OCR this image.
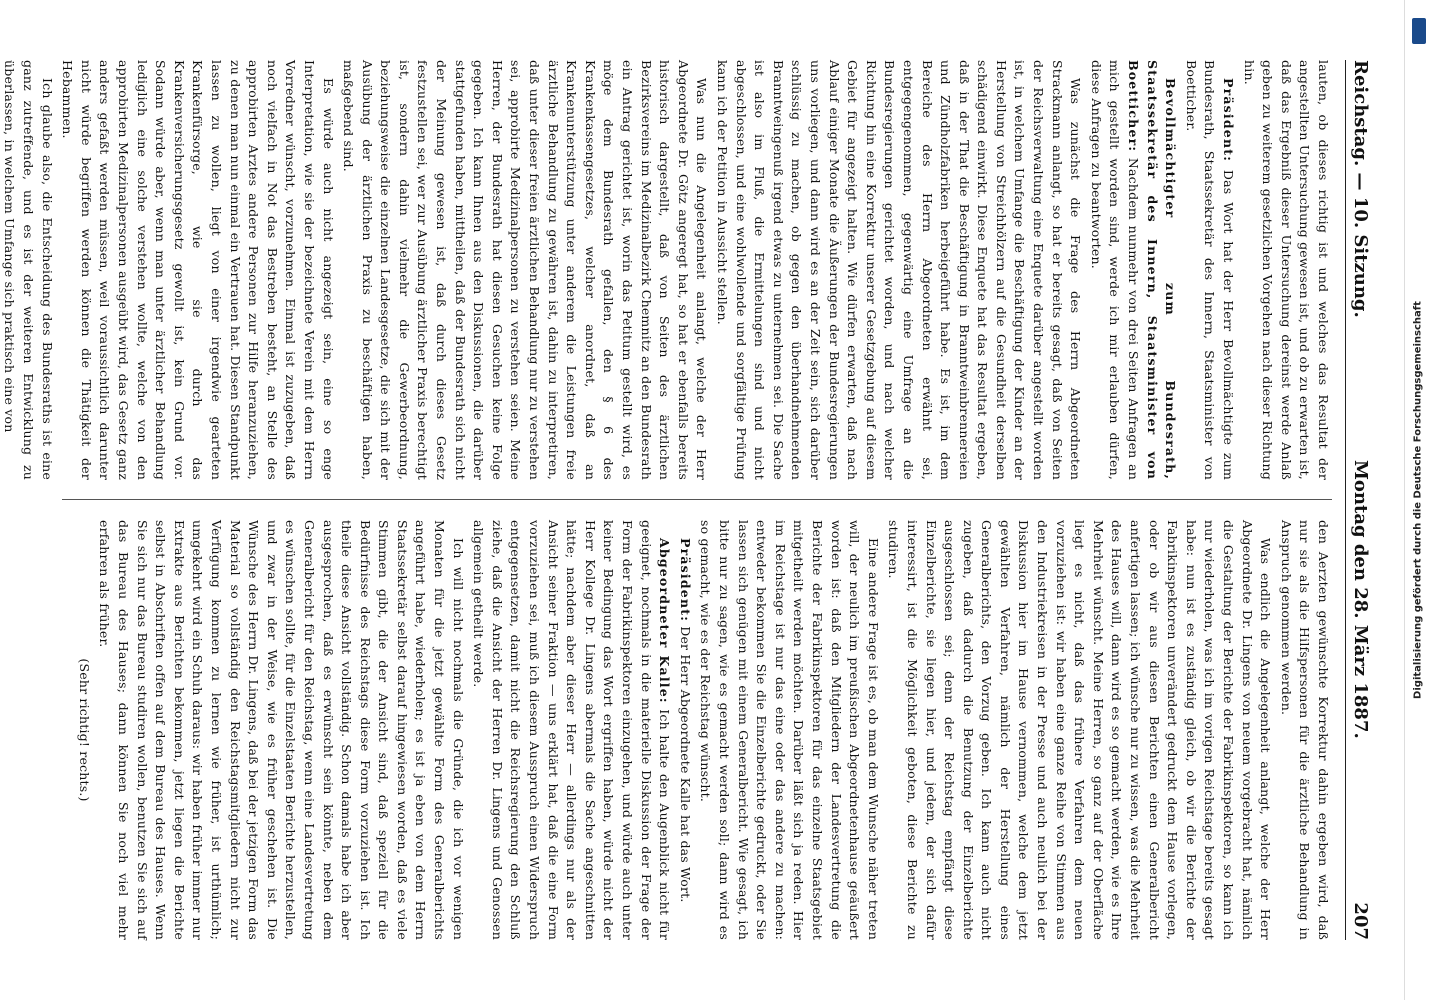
Reichstag. — 10. Sitzung.
Montag den 28. März 1887.
207

lauten, ob dieses richtig ist und welches das Resultat der angestellten Untersuchung gewesen ist, und ob zu erwarten ist, daß das Ergebniß dieser Untersuchung dereinst werde Anlaß geben zu weiterem gesetzlichen Vorgehen nach dieser Richtung hin.

Präsident: Das Wort hat der Herr Bevollmächtigte zum Bundesrath, Staatssekretär des Innern, Staatsminister von Boetticher.

Bevollmächtigter zum Bundesrath, Staatssekretär des Innern, Staatsminister von Boetticher: Nachdem nunmehr von drei Seiten Anfragen an mich gestellt worden sind, werde ich mir erlauben dürfen, diese Anfragen zu beantworten.

Was zunächst die Frage des Herrn Abgeordneten Strackmann anlangt, so hat er bereits gesagt, daß von Seiten der Reichsverwaltung eine Enquete darüber angestellt worden ist, in welchem Umfange die Beschäftigung der Kinder an der Herstellung von Streichhölzern auf die Gesundheit derselben schädigend einwirkt. Diese Enquete hat das Resultat ergeben, daß in der That die Beschäftigung in Branntweinbrennereien und Zündholzfabriken herbeigeführt habe. Es ist, im dem Bereiche des Herrn Abgeordneten erwähnt sei, entgegengenommen, gegenwärtig eine Umfrage an die Bundesregierungen gerichtet worden, und nach welcher Richtung hin eine Korrektur unserer Gesetzgebung auf diesem Gebiet für angezeigt halten. Wie dürfen erwarten, daß nach Ablauf einiger Monate die Äußerungen der Bundesregierungen uns vorliegen, und dann wird es an der Zeit sein, sich darüber schlüssig zu machen, ob gegen den überhandnehmenden Branntweingenuß irgend etwas zu unternehmen sei. Die Sache ist also im Fluß, die Ermittelungen sind und nicht abgeschlossen, und eine wohlwollende und sorgfältige Prüfung kann ich der Petition in Aussicht stellen.

Was nun die Angelegenheit anlangt, welche der Herr Abgeordnete Dr. Götz angeregt hat, so hat er ebenfalls bereits historisch dargestellt, daß von Seiten des ärztlichen Bezirksvereins im Medizinalbezirk Chemnitz an den Bundesrath ein Antrag gerichtet ist, worin das Petitum gestellt wird, es möge dem Bundesrath gefallen, den § 6 des Krankenkassengesetzes, welcher anordnet, daß an Krankenunterstützung unter anderem die Leistungen freie ärztliche Behandlung zu gewähren ist, dahin zu interpretiren, daß unter dieser freien ärztlichen Behandlung nur zu verstehen sei, approbirte Medizinalpersonen zu verstehen seien. Meine Herren, der Bundesrath hat diesen Gesuchen keine Folge gegeben. Ich kann Ihnen aus den Diskussionen, die darüber stattgefunden haben, mittheilen, daß der Bundesrath sich nicht der Meinung gewesen ist, daß durch dieses Gesetz festzustellen sei, wer zur Ausübung ärztlicher Praxis berechtigt ist, sondern dahin vielmehr die Gewerbeordnung, beziehungsweise die einzelnen Landesgesetze, die sich mit der Ausübung der ärztlichen Praxis zu beschäftigen haben, maßgebend sind.

Es würde auch nicht angezeigt sein, eine so enge Interpretation, wie sie der bezeichnete Verein mit dem Herrn Vorredner wünscht, vorzunehmen. Einmal ist zuzugeben, daß noch vielfach in Not das Bestreben besteht, an Stelle des approbirten Arztes andere Personen zur Hilfe heranzuziehen, zu denen man nun einmal ein Vertrauen hat. Diesen Standpunkt lassen zu wollen, liegt von einer irgendwie gearteten Krankenfürsorge, wie sie durch das Krankenversicherungsgesetz gewollt ist, kein Grund vor. Sodann würde aber, wenn man unter ärztlicher Behandlung lediglich eine solche verstehen wollte, welche von den approbirten Medizinalpersonen ausgeübt wird, das Gesetz ganz anders gefaßt werden müssen, weil voraussichtlich darunter nicht würde begriffen werden können die Thätigkeit der Hebammen.

Ich glaube also, die Entscheidung des Bundesraths ist eine ganz zutreffende, und es ist der weiteren Entwicklung zu überlassen, in welchem Umfange sich praktisch eine von

den Aerzten gewünschte Korrektur dahin ergeben wird, daß nur sie als die Hilfspersonen für die ärztliche Behandlung in Anspruch genommen werden.

Was endlich die Angelegenheit anlangt, welche der Herr Abgeordnete Dr. Lingens von neuem vorgebracht hat, nämlich die Gestaltung der Berichte der Fabrikinspektoren, so kann ich nur wiederholen, was ich im vorigen Reichstage bereits gesagt habe: nun ist es zuständig gleich, ob wir die Berichte der Fabrikinspektoren unverändert gedruckt dem Hause vorlegen, oder ob wir aus diesen Berichten einen Generalbericht anfertigen lassen; ich wünsche nur zu wissen, was die Mehrheit des Hauses will, dann wird es so gemacht werden, wie es Ihre Mehrheit wünscht. Meine Herren, so ganz auf der Oberfläche liegt es nicht, daß das frühere Verfahren dem neuen vorzuziehen ist: wir haben eine ganze Reihe von Stimmen aus den Industriekreisen in der Presse und auch neulich bei der Diskussion hier im Hause vernommen, welche dem jetzt gewählten Verfahren, nämlich der Herstellung eines Generalberichts, den Vorzug geben. Ich kann auch nicht zugeben, daß dadurch die Benutzung der Einzelberichte ausgeschlossen sei; denn der Reichstag empfängt diese Einzelberichte, sie liegen hier, und jedem, der sich dafür interessirt, ist die Möglichkeit geboten, diese Berichte zu studiren.

Eine andere Frage ist es, ob man dem Wunsche näher treten will, der neulich im preußischen Abgeordnetenhause geäußert worden ist: daß den Mitgliedern der Landesvertretung die Berichte der Fabrikinspektoren für das einzelne Staatsgebiet mitgetheilt werden möchten. Darüber läßt sich ja reden. Hier im Reichstage ist nur das eine oder das andere zu machen: entweder bekommen Sie die Einzelberichte gedruckt, oder Sie lassen sich genügen mit einem Generalbericht. Wie gesagt, ich bitte nur zu sagen, wie es gemacht werden soll; dann wird es so gemacht, wie es der Reichstag wünscht.

Präsident: Der Herr Abgeordnete Kalle hat das Wort.

Abgeordneter Kalle: Ich halte den Augenblick nicht für geeignet, nochmals in die materielle Diskussion der Frage der Form der Fabrikinspektoren einzugehen, und würde auch unter keiner Bedingung das Wort ergriffen haben, würde nicht der Herr Kollege Dr. Lingens abermals die Sache angeschnitten hätte; nachdem aber dieser Herr — allerdings nur als der Ansicht seiner Fraktion — uns erklärt hat, daß die eine Form vorzuziehen sei, muß ich diesem Ausspruch einen Widerspruch entgegensetzen, damit nicht die Reichsregierung den Schluß ziehe, daß die Ansicht der Herren Dr. Lingens und Genossen allgemein getheilt werde.

Ich will nicht nochmals die Gründe, die ich vor wenigen Monaten für die jetzt gewählte Form des Generalberichts angeführt habe, wiederholen; es ist ja eben von dem Herrn Staatssekretär selbst darauf hingewiesen worden, daß es viele Stimmen gibt, die der Ansicht sind, daß speziell für die Bedürfnisse des Reichstags diese Form vorzuziehen ist. Ich theile diese Ansicht vollständig. Schon damals habe ich aber ausgesprochen, daß es erwünscht sein könnte, neben dem Generalbericht für den Reichstag, wenn eine Landesvertretung es wünschen sollte, für die Einzelstaaten Berichte herzustellen, und zwar in der Weise, wie es früher geschehen ist. Die Wünsche des Herrn Dr. Lingens, daß bei der jetzigen Form das Material so vollständig den Reichstagsmitgliedern nicht zur Verfügung kommen zu lernen wie früher, ist urthümlich; umgekehrt wird ein Schuh daraus: wir haben früher immer nur Extrakte aus Berichten bekommen, jetzt liegen die Berichte selbst in Abschriften offen auf dem Bureau des Hauses. Wenn Sie sich nur das Bureau studiren wollen, benutzen Sie sich auf das Bureau des Hauses; dann können Sie noch viel mehr erfahren als früher.

(Sehr richtig! rechts.)

Digitalisierung gefördert durch die Deutsche Forschungsgemeinschaft
